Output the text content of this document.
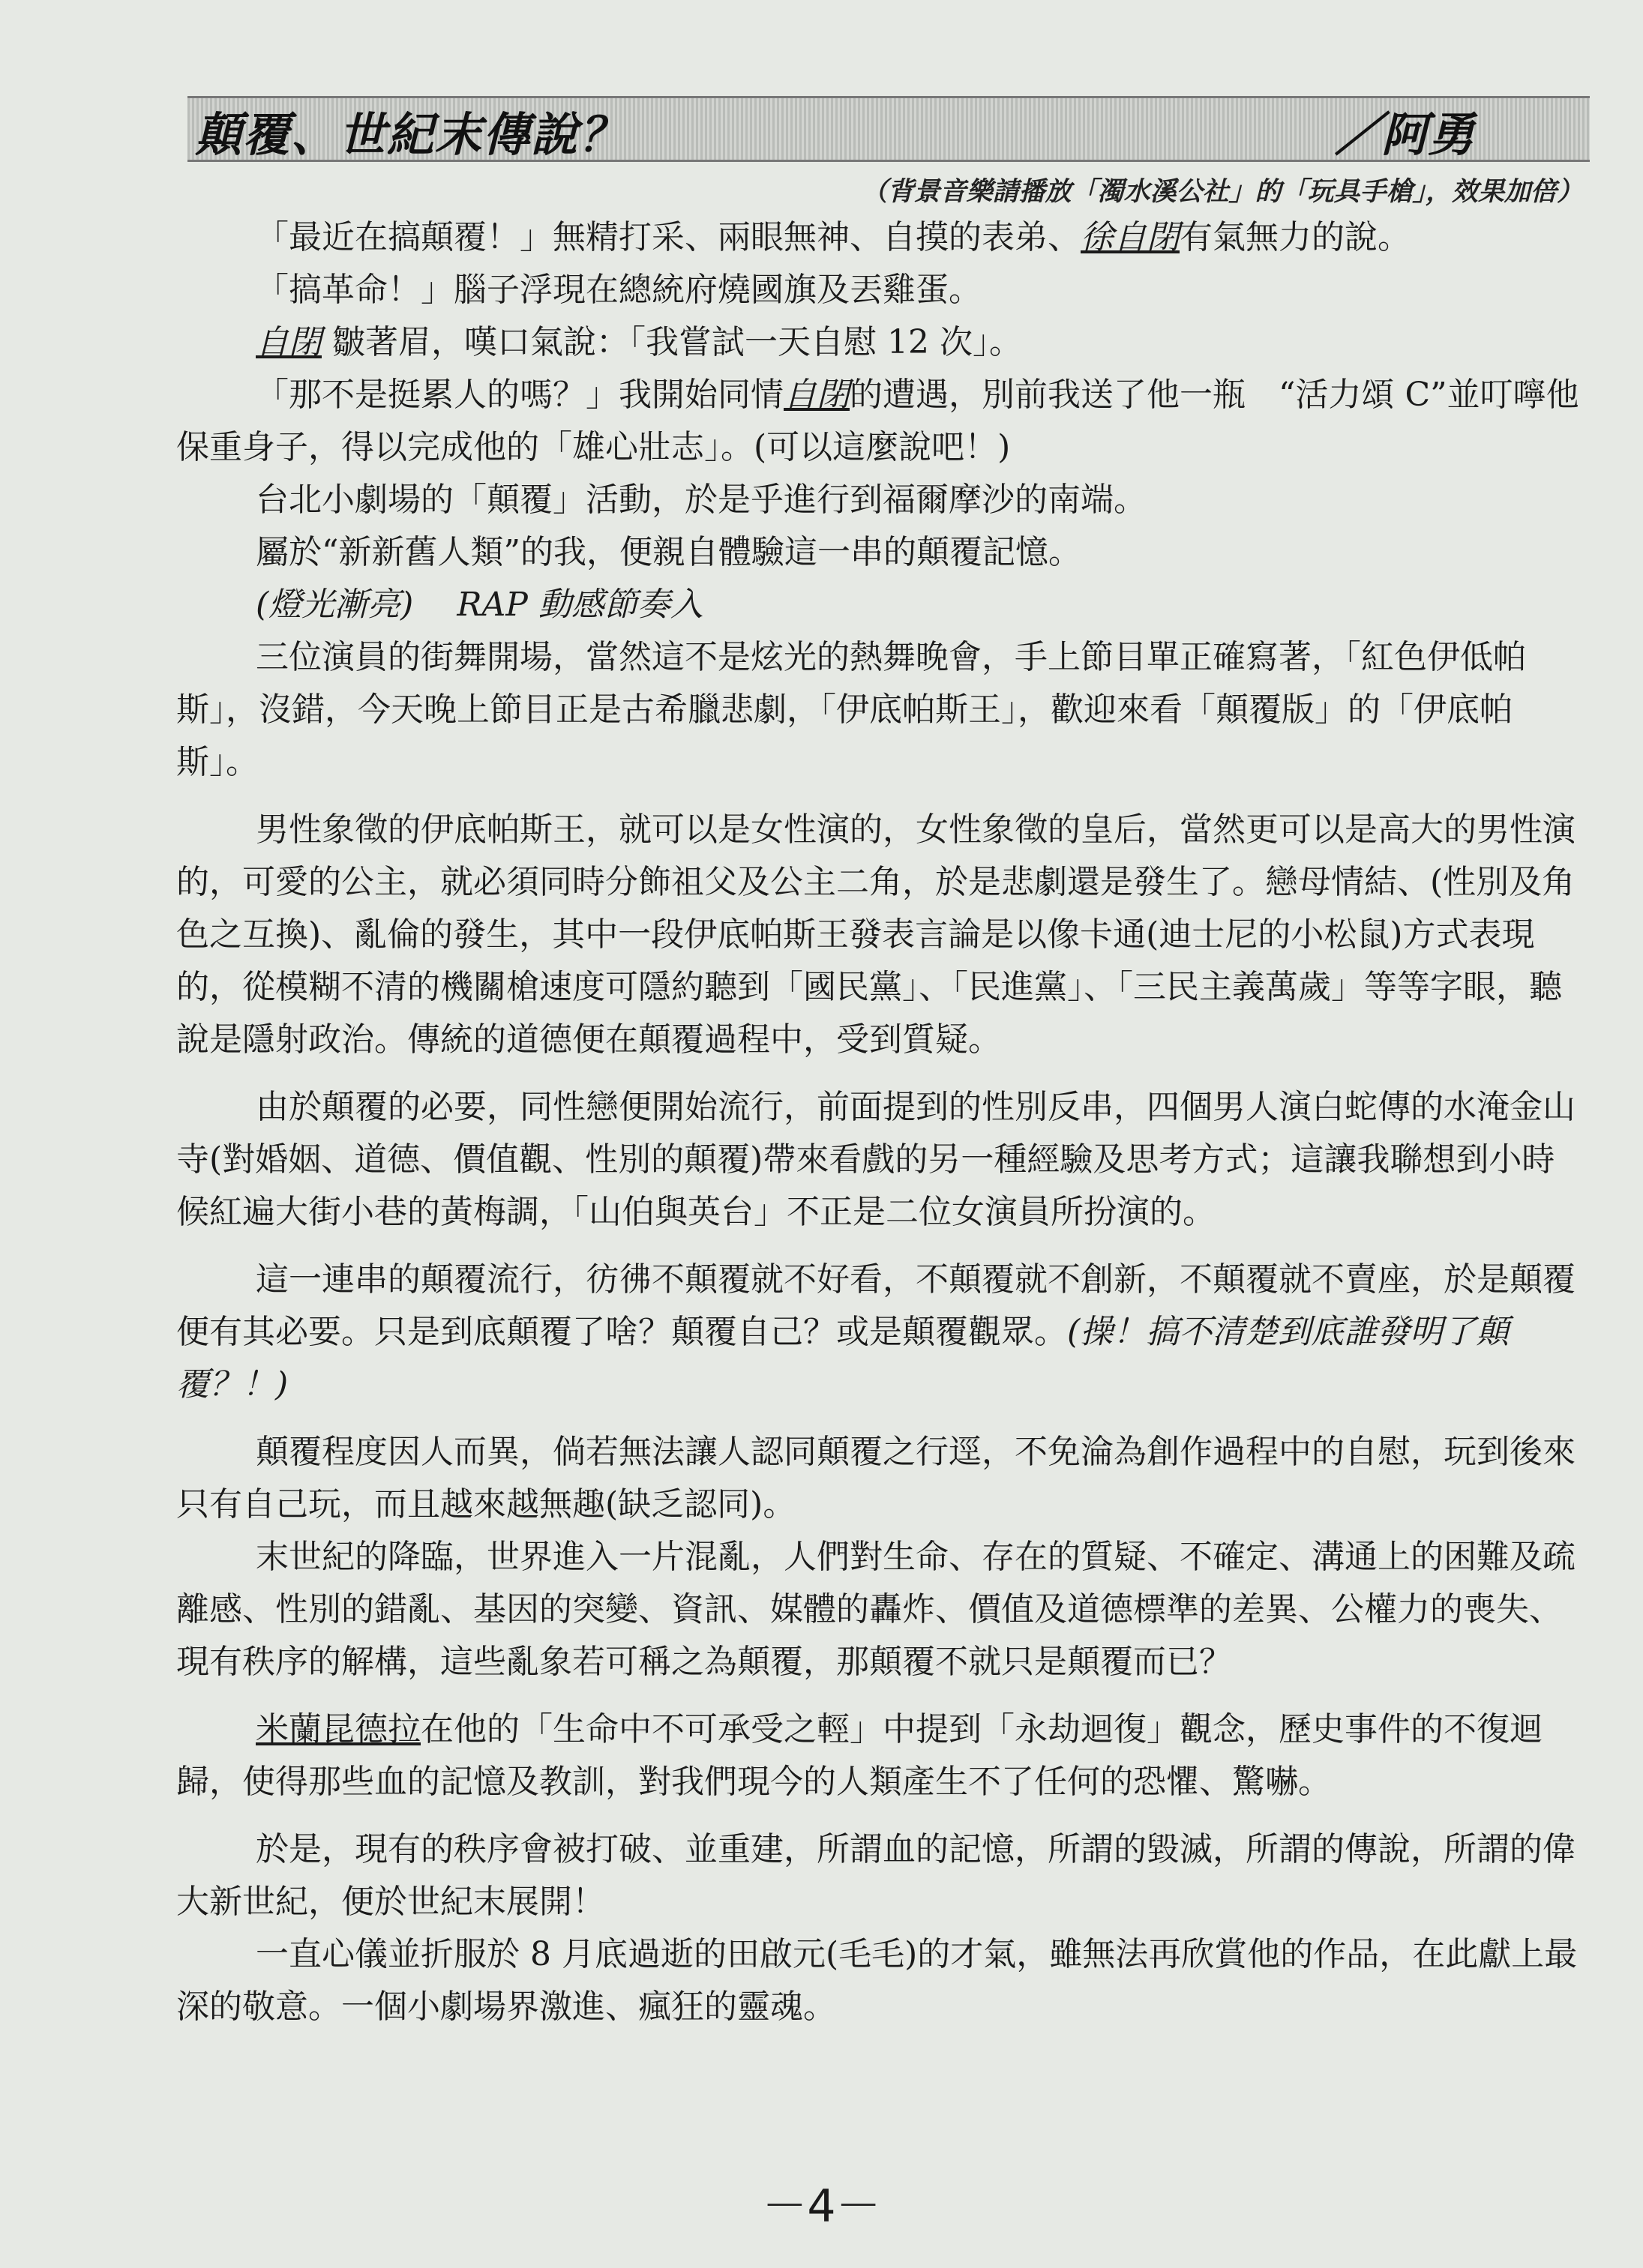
顛覆、世紀末傳說？	／阿勇
（背景音樂請播放「濁水溪公社」的「玩具手槍」，效果加倍）

「最近在搞顛覆！」無精打采、兩眼無神、自摸的表弟、徐自閉有氣無力的說。

「搞革命！」腦子浮現在總統府燒國旗及丟雞蛋。

自閉 皺著眉，嘆口氣說：「我嘗試一天自慰 12 次」。

「那不是挺累人的嗎？」我開始同情自閉的遭遇，別前我送了他一瓶　“活力頌 C”並叮嚀他保重身子，得以完成他的「雄心壯志」。(可以這麼說吧！)

台北小劇場的「顛覆」活動，於是乎進行到福爾摩沙的南端。

屬於“新新舊人類”的我，便親自體驗這一串的顛覆記憶。

(燈光漸亮)　 RAP 動感節奏入

三位演員的街舞開場，當然這不是炫光的熱舞晚會，手上節目單正確寫著，「紅色伊低帕斯」，沒錯，今天晚上節目正是古希臘悲劇，「伊底帕斯王」，歡迎來看「顛覆版」的「伊底帕斯」。

男性象徵的伊底帕斯王，就可以是女性演的，女性象徵的皇后，當然更可以是高大的男性演的，可愛的公主，就必須同時分飾祖父及公主二角，於是悲劇還是發生了。戀母情結、(性別及角色之互換)、亂倫的發生，其中一段伊底帕斯王發表言論是以像卡通(迪士尼的小松鼠)方式表現的，從模糊不清的機關槍速度可隱約聽到「國民黨」、「民進黨」、「三民主義萬歲」等等字眼，聽說是隱射政治。傳統的道德便在顛覆過程中，受到質疑。

由於顛覆的必要，同性戀便開始流行，前面提到的性別反串，四個男人演白蛇傳的水淹金山寺(對婚姻、道德、價值觀、性別的顛覆)帶來看戲的另一種經驗及思考方式；這讓我聯想到小時候紅遍大街小巷的黃梅調，「山伯與英台」不正是二位女演員所扮演的。

這一連串的顛覆流行，彷彿不顛覆就不好看，不顛覆就不創新，不顛覆就不賣座，於是顛覆便有其必要。只是到底顛覆了啥？顛覆自己？或是顛覆觀眾。(操！搞不清楚到底誰發明了顛覆？！)

顛覆程度因人而異，倘若無法讓人認同顛覆之行逕，不免淪為創作過程中的自慰，玩到後來只有自己玩，而且越來越無趣(缺乏認同)。

末世紀的降臨，世界進入一片混亂，人們對生命、存在的質疑、不確定、溝通上的困難及疏離感、性別的錯亂、基因的突變、資訊、媒體的轟炸、價值及道德標準的差異、公權力的喪失、現有秩序的解構，這些亂象若可稱之為顛覆，那顛覆不就只是顛覆而已？

米蘭昆德拉在他的「生命中不可承受之輕」中提到「永劫迴復」觀念，歷史事件的不復迴歸，使得那些血的記憶及教訓，對我們現今的人類產生不了任何的恐懼、驚嚇。

於是，現有的秩序會被打破、並重建，所謂血的記憶，所謂的毀滅，所謂的傳說，所謂的偉大新世紀，便於世紀末展開！

一直心儀並折服於 8 月底過逝的田啟元(毛毛)的才氣，雖無法再欣賞他的作品，在此獻上最深的敬意。一個小劇場界激進、瘋狂的靈魂。

－4－
